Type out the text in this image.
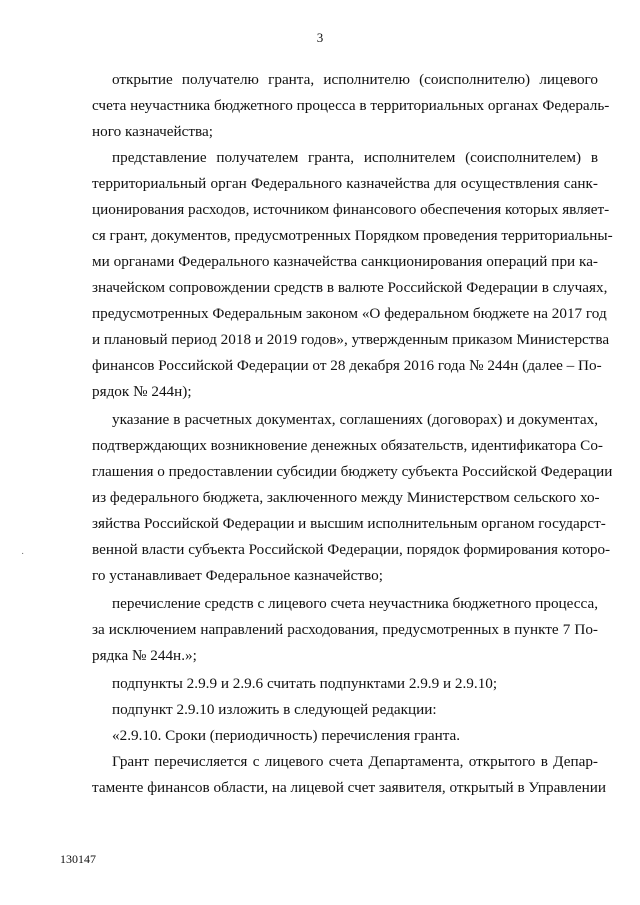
3
открытие получателю гранта, исполнителю (соисполнителю) лицевого
счета неучастника бюджетного процесса в территориальных органах Федераль-
ного казначейства;
представление получателем гранта, исполнителем (соисполнителем) в
территориальный орган Федерального казначейства для осуществления санк-
ционирования расходов, источником финансового обеспечения которых являет-
ся грант, документов, предусмотренных Порядком проведения территориальны-
ми органами Федерального казначейства санкционирования операций при ка-
значейском сопровождении средств в валюте Российской Федерации в случаях,
предусмотренных Федеральным законом «О федеральном бюджете на 2017 год
и плановый период 2018 и 2019 годов», утвержденным приказом Министерства
финансов Российской Федерации от 28 декабря 2016 года № 244н (далее – По-
рядок № 244н);
указание в расчетных документах, соглашениях (договорах) и документах,
подтверждающих возникновение денежных обязательств, идентификатора Со-
глашения о предоставлении субсидии бюджету субъекта Российской Федерации
из федерального бюджета, заключенного между Министерством сельского хо-
зяйства Российской Федерации и высшим исполнительным органом государст-
венной власти субъекта Российской Федерации, порядок формирования которо-
го устанавливает Федеральное казначейство;
перечисление средств с лицевого счета неучастника бюджетного процесса,
за исключением направлений расходования, предусмотренных в пункте 7 По-
рядка № 244н.»;
подпункты 2.9.9 и 2.9.6 считать подпунктами 2.9.9 и 2.9.10;
подпункт 2.9.10 изложить в следующей редакции:
«2.9.10. Сроки (периодичность) перечисления гранта.
Грант перечисляется с лицевого счета Департамента, открытого в Депар-
таменте финансов области, на лицевой счет заявителя, открытый в Управлении
·
130147
